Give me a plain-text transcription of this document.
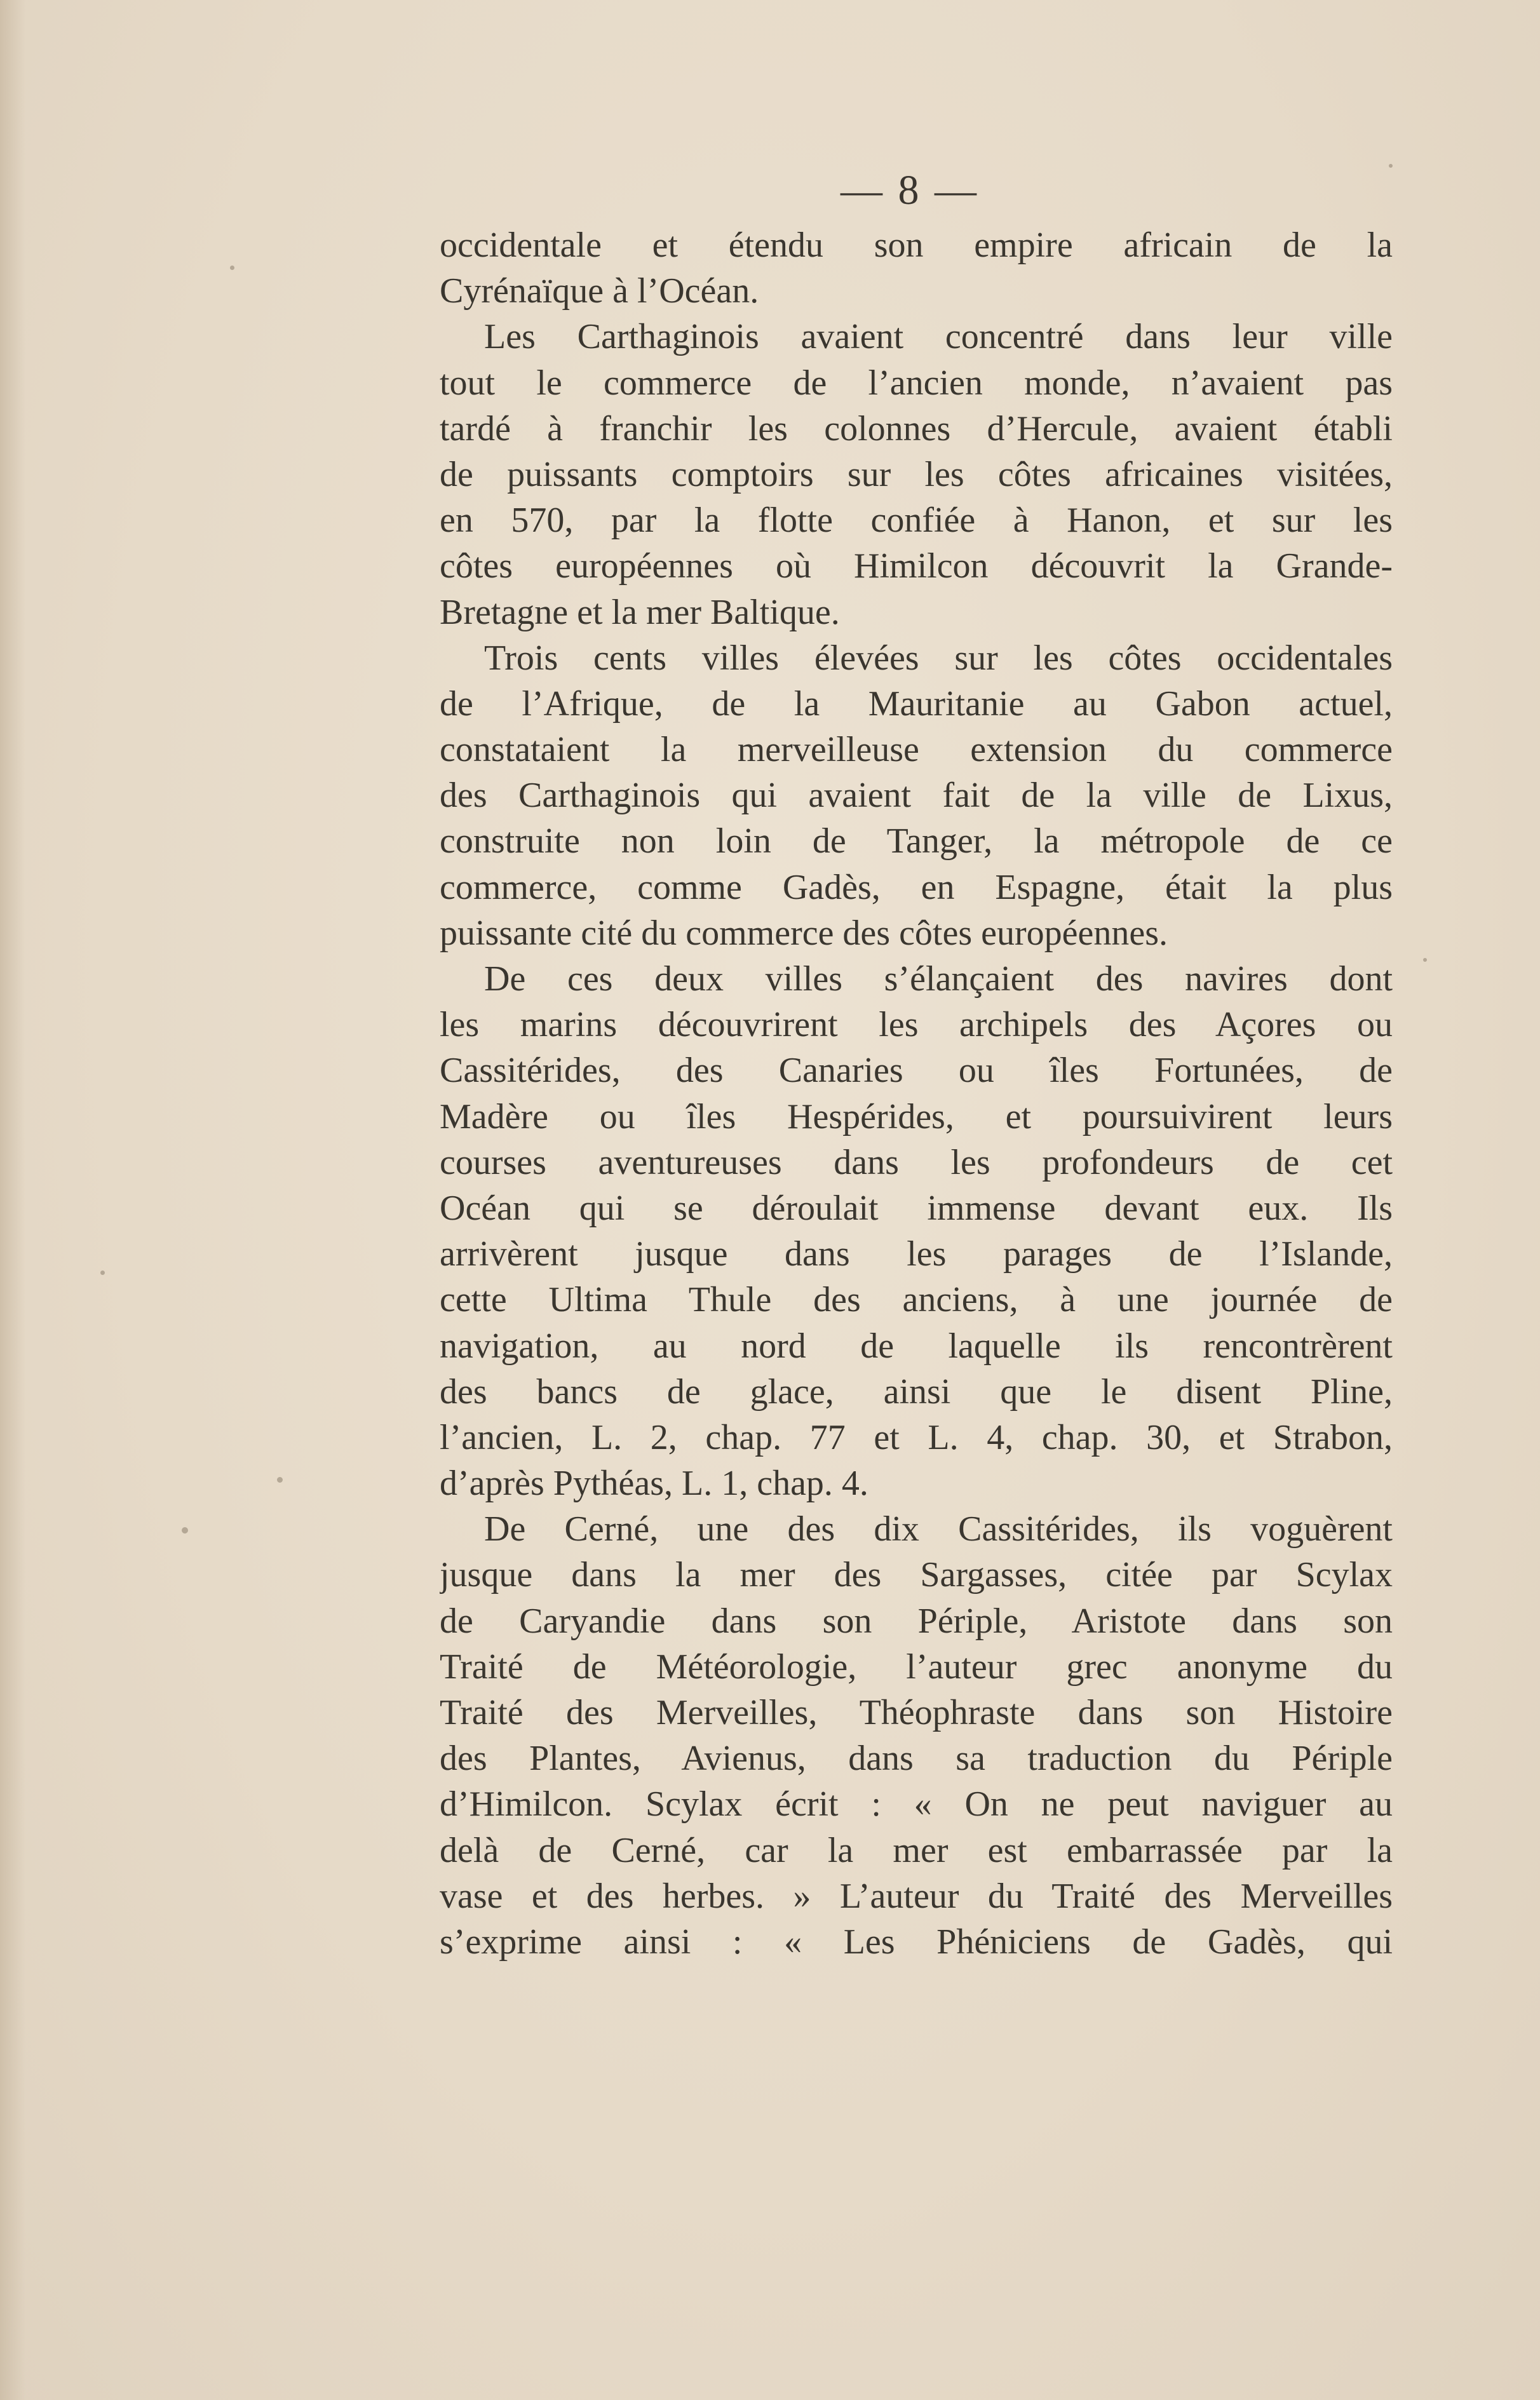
— 8 —
occidentale et étendu son empire africain de la
Cyrénaïque à l’Océan.
Les Carthaginois avaient concentré dans leur ville
tout le commerce de l’ancien monde, n’avaient pas
tardé à franchir les colonnes d’Hercule, avaient établi
de puissants comptoirs sur les côtes africaines visitées,
en 570, par la flotte confiée à Hanon, et sur les
côtes européennes où Himilcon découvrit la Grande-
Bretagne et la mer Baltique.
Trois cents villes élevées sur les côtes occidentales
de l’Afrique, de la Mauritanie au Gabon actuel,
constataient la merveilleuse extension du commerce
des Carthaginois qui avaient fait de la ville de Lixus,
construite non loin de Tanger, la métropole de ce
commerce, comme Gadès, en Espagne, était la plus
puissante cité du commerce des côtes européennes.
De ces deux villes s’élançaient des navires dont
les marins découvrirent les archipels des Açores ou
Cassitérides, des Canaries ou îles Fortunées, de
Madère ou îles Hespérides, et poursuivirent leurs
courses aventureuses dans les profondeurs de cet
Océan qui se déroulait immense devant eux. Ils
arrivèrent jusque dans les parages de l’Islande,
cette Ultima Thule des anciens, à une journée de
navigation, au nord de laquelle ils rencontrèrent
des bancs de glace, ainsi que le disent Pline,
l’ancien, L. 2, chap. 77 et L. 4, chap. 30, et Strabon,
d’après Pythéas, L. 1, chap. 4.
De Cerné, une des dix Cassitérides, ils voguèrent
jusque dans la mer des Sargasses, citée par Scylax
de Caryandie dans son Périple, Aristote dans son
Traité de Météorologie, l’auteur grec anonyme du
Traité des Merveilles, Théophraste dans son Histoire
des Plantes, Avienus, dans sa traduction du Périple
d’Himilcon. Scylax écrit : « On ne peut naviguer au
delà de Cerné, car la mer est embarrassée par la
vase et des herbes. » L’auteur du Traité des Merveilles
s’exprime ainsi : « Les Phéniciens de Gadès, qui
